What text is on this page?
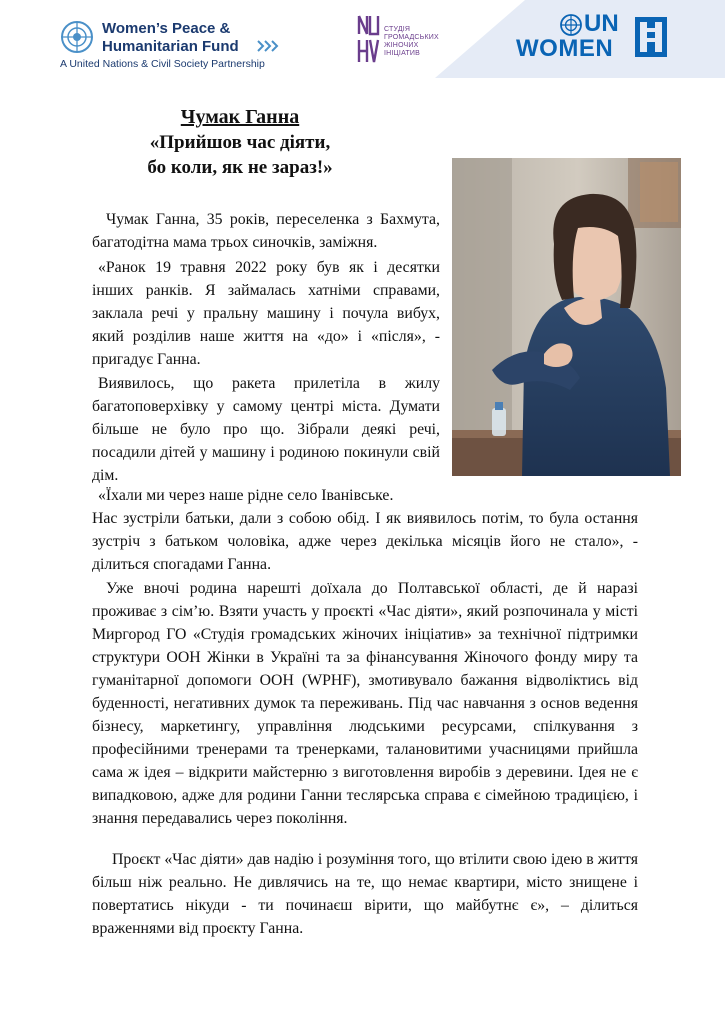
Women’s Peace &
Humanitarian Fund
A United Nations & Civil Society Partnership
СТУДІЯ
ГРОМАДСЬКИХ
ЖІНОЧИХ
ІНІЦІАТИВ
UN
WOMEN
Чумак Ганна
«Прийшов час діяти,
бо коли, як не зараз!»
Чумак Ганна, 35 років, переселенка з Бахмута, багатодітна мама трьох синочків, заміжня.
«Ранок 19 травня 2022 року був як і десятки інших ранків. Я займалась хатніми справами, заклала речі у пральну машину і почула вибух, який розділив наше життя на «до» і «після», - пригадує Ганна.
Виявилось, що ракета прилетіла в жилу багатоповерхівку у самому центрі міста. Думати більше не було про що. Зібрали деякі речі, посадили дітей у машину і родиною покинули свій дім.
«Їхали ми через наше рідне село Іванівське.
Нас зустріли батьки, дали з собою обід. І як виявилось потім, то була остання зустріч з батьком чоловіка, адже через декілька місяців його не стало», - ділиться спогадами Ганна.
Уже вночі родина нарешті доїхала до Полтавської області, де й наразі проживає з сім’ю. Взяти участь у проєкті «Час діяти», який розпочинала у місті Миргород ГО «Студія громадських жіночих ініціатив» за технічної підтримки структури ООН Жінки в Україні та за фінансування Жіночого фонду миру та гуманітарної допомоги ООН (WPHF), змотивувало бажання відволіктись від буденності, негативних думок та переживань. Під час навчання з основ ведення бізнесу, маркетингу, управління людськими ресурсами, спілкування з професійними тренерами та тренерками, талановитими учасницями прийшла сама ж ідея – відкрити майстерню з виготовлення виробів з деревини. Ідея не є випадковою, адже для родини Ганни теслярська справа є сімейною традицією, і знання передавались через покоління.
Проєкт «Час діяти» дав надію і розуміння того, що втілити свою ідею в життя більш ніж реально. Не дивлячись на те, що немає квартири, місто знищене і повертатись нікуди - ти починаєш вірити, що майбутнє є», – ділиться враженнями від проєкту Ганна.
